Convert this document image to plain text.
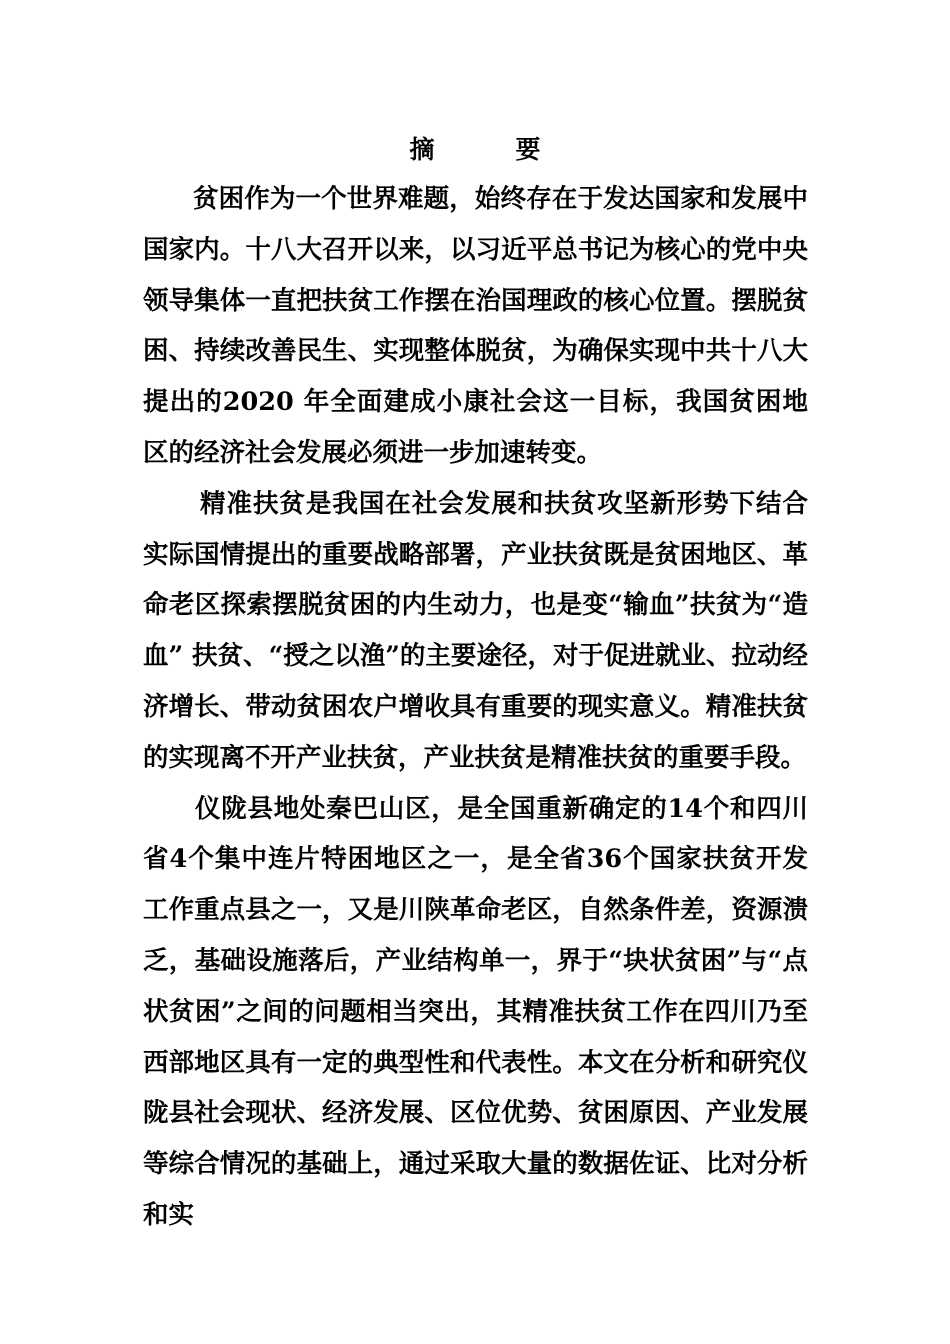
摘　要

贫困作为一个世界难题，始终存在于发达国家和发展中国家内。十八大召开以来，以习近平总书记为核心的党中央领导集体一直把扶贫工作摆在治国理政的核心位置。摆脱贫困、持续改善民生、实现整体脱贫，为确保实现中共十八大提出的2020 年全面建成小康社会这一目标，我国贫困地区的经济社会发展必须进一步加速转变。

精准扶贫是我国在社会发展和扶贫攻坚新形势下结合实际国情提出的重要战略部署，产业扶贫既是贫困地区、革命老区探索摆脱贫困的内生动力，也是变“输血”扶贫为“造血” 扶贫、“授之以渔”的主要途径，对于促进就业、拉动经济增长、带动贫困农户增收具有重要的现实意义。精准扶贫的实现离不开产业扶贫，产业扶贫是精准扶贫的重要手段。

仪陇县地处秦巴山区，是全国重新确定的14个和四川省4个集中连片特困地区之一，是全省36个国家扶贫开发工作重点县之一，又是川陕革命老区，自然条件差，资源溃乏，基础设施落后，产业结构单一，界于“块状贫困”与“点状贫困”之间的问题相当突出，其精准扶贫工作在四川乃至西部地区具有一定的典型性和代表性。本文在分析和研究仪陇县社会现状、经济发展、区位优势、贫困原因、产业发展等综合情况的基础上，通过采取大量的数据佐证、比对分析和实
